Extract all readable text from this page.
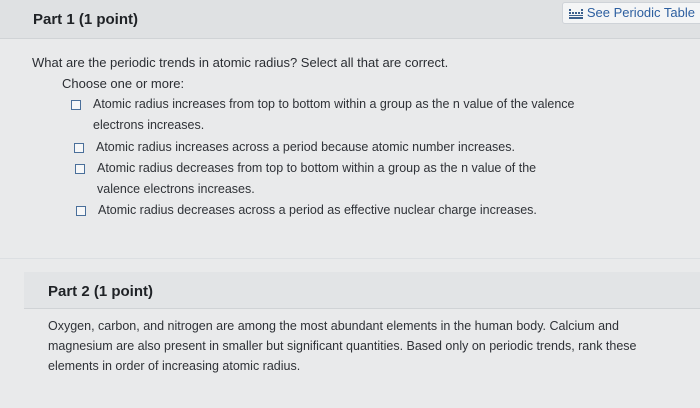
Part 1 (1 point)	See Periodic Table
What are the periodic trends in atomic radius? Select all that are correct.
Choose one or more:
Atomic radius increases from top to bottom within a group as the n value of the valence electrons increases.
Atomic radius increases across a period because atomic number increases.
Atomic radius decreases from top to bottom within a group as the n value of the valence electrons increases.
Atomic radius decreases across a period as effective nuclear charge increases.
Part 2 (1 point)
Oxygen, carbon, and nitrogen are among the most abundant elements in the human body. Calcium and magnesium are also present in smaller but significant quantities. Based only on periodic trends, rank these elements in order of increasing atomic radius.
